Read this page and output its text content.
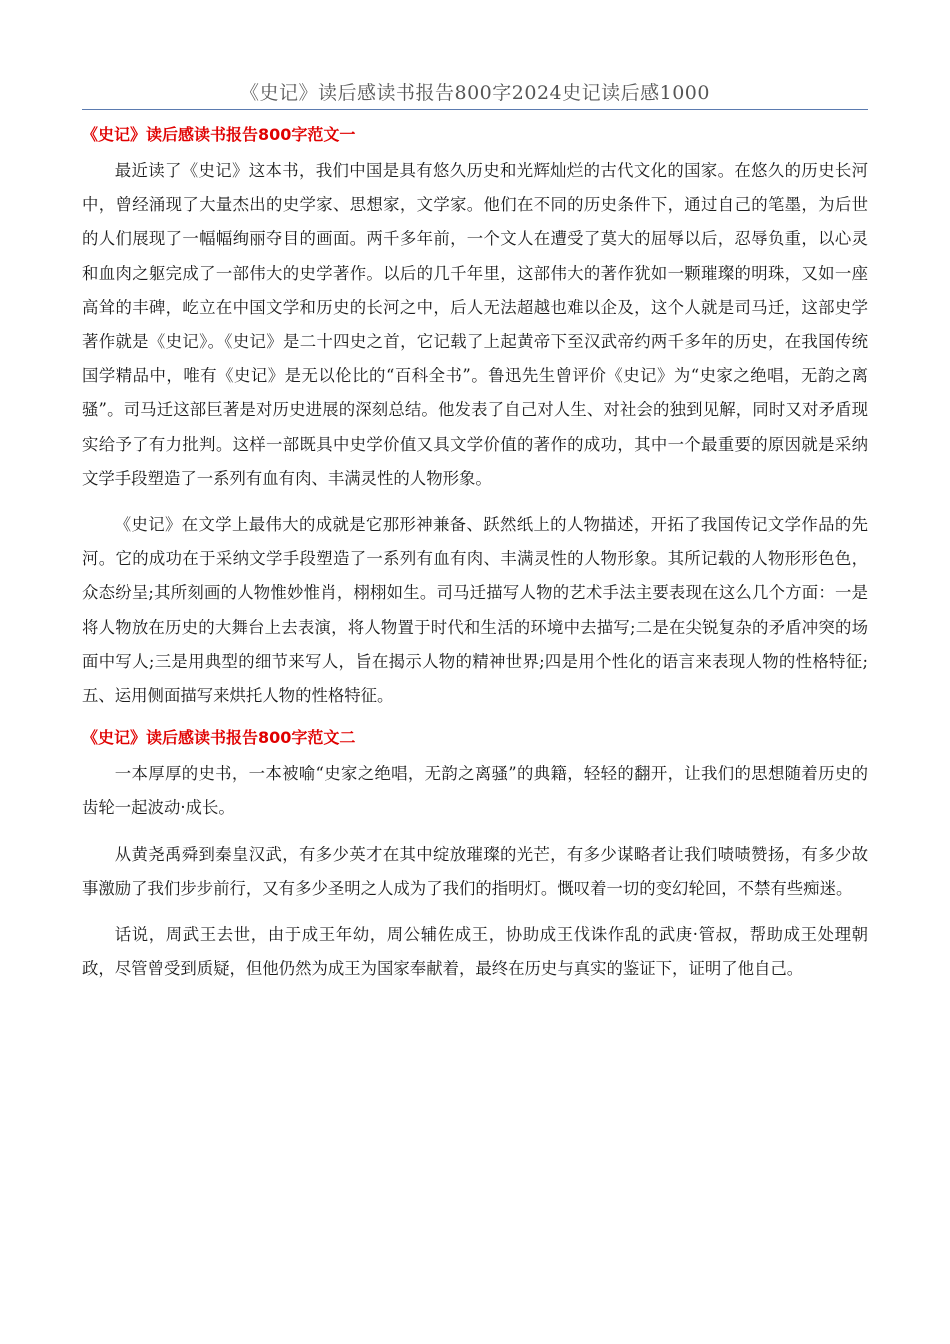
《史记》读后感读书报告800字2024史记读后感1000
《史记》读后感读书报告800字范文一

最近读了《史记》这本书，我们中国是具有悠久历史和光辉灿烂的古代文化的国家。在悠久的历史长河中，曾经涌现了大量杰出的史学家、思想家，文学家。他们在不同的历史条件下，通过自己的笔墨，为后世的人们展现了一幅幅绚丽夺目的画面。两千多年前，一个文人在遭受了莫大的屈辱以后，忍辱负重，以心灵和血肉之躯完成了一部伟大的史学著作。以后的几千年里，这部伟大的著作犹如一颗璀璨的明珠，又如一座高耸的丰碑，屹立在中国文学和历史的长河之中，后人无法超越也难以企及，这个人就是司马迁，这部史学著作就是《史记》。《史记》是二十四史之首，它记载了上起黄帝下至汉武帝约两千多年的历史，在我国传统国学精品中，唯有《史记》是无以伦比的“百科全书”。鲁迅先生曾评价《史记》为“史家之绝唱，无韵之离骚”。司马迁这部巨著是对历史进展的深刻总结。他发表了自己对人生、对社会的独到见解，同时又对矛盾现实给予了有力批判。这样一部既具中史学价值又具文学价值的著作的成功，其中一个最重要的原因就是采纳文学手段塑造了一系列有血有肉、丰满灵性的人物形象。

《史记》在文学上最伟大的成就是它那形神兼备、跃然纸上的人物描述，开拓了我国传记文学作品的先河。它的成功在于采纳文学手段塑造了一系列有血有肉、丰满灵性的人物形象。其所记载的人物形形色色，众态纷呈;其所刻画的人物惟妙惟肖，栩栩如生。司马迁描写人物的艺术手法主要表现在这么几个方面：一是将人物放在历史的大舞台上去表演，将人物置于时代和生活的环境中去描写;二是在尖锐复杂的矛盾冲突的场面中写人;三是用典型的细节来写人，旨在揭示人物的精神世界;四是用个性化的语言来表现人物的性格特征;五、运用侧面描写来烘托人物的性格特征。

《史记》读后感读书报告800字范文二

一本厚厚的史书，一本被喻“史家之绝唱，无韵之离骚”的典籍，轻轻的翻开，让我们的思想随着历史的齿轮一起波动·成长。

从黄尧禹舜到秦皇汉武，有多少英才在其中绽放璀璨的光芒，有多少谋略者让我们啧啧赞扬，有多少故事激励了我们步步前行，又有多少圣明之人成为了我们的指明灯。慨叹着一切的变幻轮回，不禁有些痴迷。

话说，周武王去世，由于成王年幼，周公辅佐成王，协助成王伐诛作乱的武庚·管叔，帮助成王处理朝政，尽管曾受到质疑，但他仍然为成王为国家奉献着，最终在历史与真实的鉴证下，证明了他自己。
